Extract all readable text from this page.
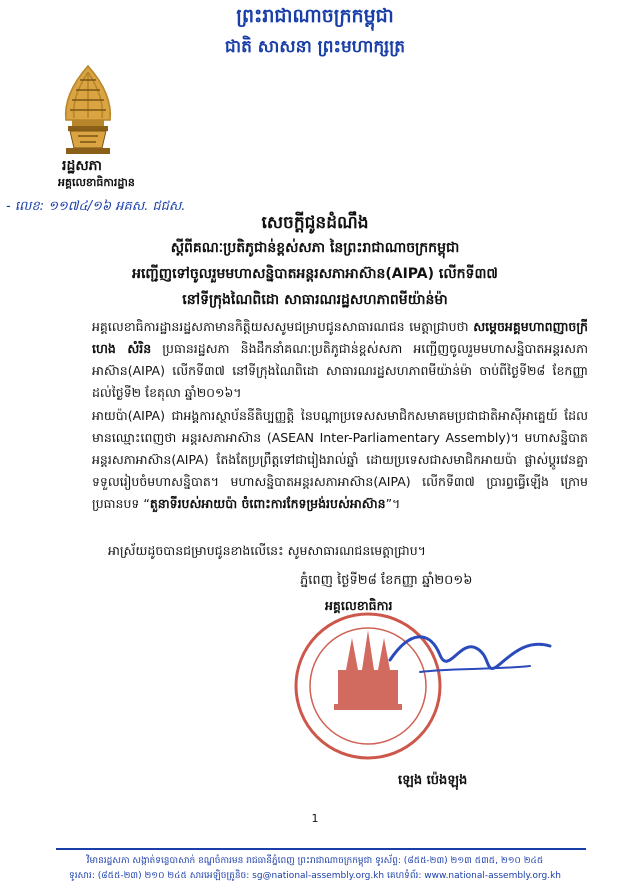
ព្រះរាជាណាចក្រកម្ពុជា
ជាតិ សាសនា ព្រះមហាក្សត្រ
រដ្ឋសភា
អគ្គលេខាធិការដ្ឋាន
- លេខ: ១១៧៤/១៦ អគស. ជជស.
សេចក្ដីជូនដំណឹង
ស្ដីពីគណៈប្រតិភូជាន់ខ្ពស់សភា នៃព្រះរាជាណាចក្រកម្ពុជា
អញ្ជើញទៅចូលរួមមហាសន្និបាតអន្តរសភាអាស៊ាន(AIPA) លើកទី៣៧
នៅទីក្រុងណៃពិដោ សាធារណរដ្ឋសហភាពមីយ៉ាន់ម៉ា
អគ្គលេខាធិការដ្ឋានរដ្ឋសភាមានកិត្តិយសសូមជម្រាបជូនសាធារណជន មេត្តាជ្រាបថា សម្ដេចអគ្គមហាពញាចក្រី ហេង សំរិន ប្រធានរដ្ឋសភា និងដឹកនាំគណៈប្រតិភូជាន់ខ្ពស់សភា អញ្ជើញចូលរួមមហាសន្និបាតអន្តរសភាអាស៊ាន(AIPA) លើកទី៣៧ នៅទីក្រុងណៃពិដោ សាធារណរដ្ឋសហភាពមីយ៉ាន់ម៉ា ចាប់ពីថ្ងៃទី២៨ ខែកញ្ញា ដល់ថ្ងៃទី២ ខែតុលា ឆ្នាំ២០១៦។
អាយប៉ា(AIPA) ជាអង្គការស្ថាប័ននីតិប្បញ្ញត្តិ នៃបណ្ដាប្រទេសសមាជិកសមាគមប្រជាជាតិអាស៊ីអាគ្នេយ៍ ដែលមានឈ្មោះពេញថា អន្តរសភាអាស៊ាន (ASEAN Inter-Parliamentary Assembly)។ មហាសន្និបាតអន្តរសភាអាស៊ាន(AIPA) តែងតែប្រព្រឹត្តទៅជារៀងរាល់ឆ្នាំ ដោយប្រទេសជាសមាជិកអាយប៉ា ផ្លាស់ប្ដូរវេនគ្នាទទួលរៀបចំមហាសន្និបាត។ មហាសន្និបាតអន្តរសភាអាស៊ាន(AIPA) លើកទី៣៧ ប្រារព្ធធ្វើឡើង ក្រោមប្រធានបទ “តួនាទីរបស់អាយប៉ា ចំពោះការកែទម្រង់របស់អាស៊ាន”។
អាស្រ័យដូចបានជម្រាបជូនខាងលើនេះ សូមសាធារណជនមេត្តាជ្រាប។
ភ្នំពេញ ថ្ងៃទី២៨ ខែកញ្ញា ឆ្នាំ២០១៦
អគ្គលេខាធិការ
ឡេង ប៉េងឡុង
1
វិមានរដ្ឋសភា សង្កាត់ទន្លេបាសាក់ ខណ្ឌចំការមន រាជធានីភ្នំពេញ ព្រះរាជាណាចក្រកម្ពុជា ទូរស័ព្ទ: (៨៥៥-២៣) ២១៣ ៥៣៥, ២១០ ២៤៥
ទូរសារ: (៨៥៥-២៣) ២១០ ២៤៥ សារអេឡិចត្រូនិច: sg@national-assembly.org.kh គេហទំព័រ: www.national-assembly.org.kh
